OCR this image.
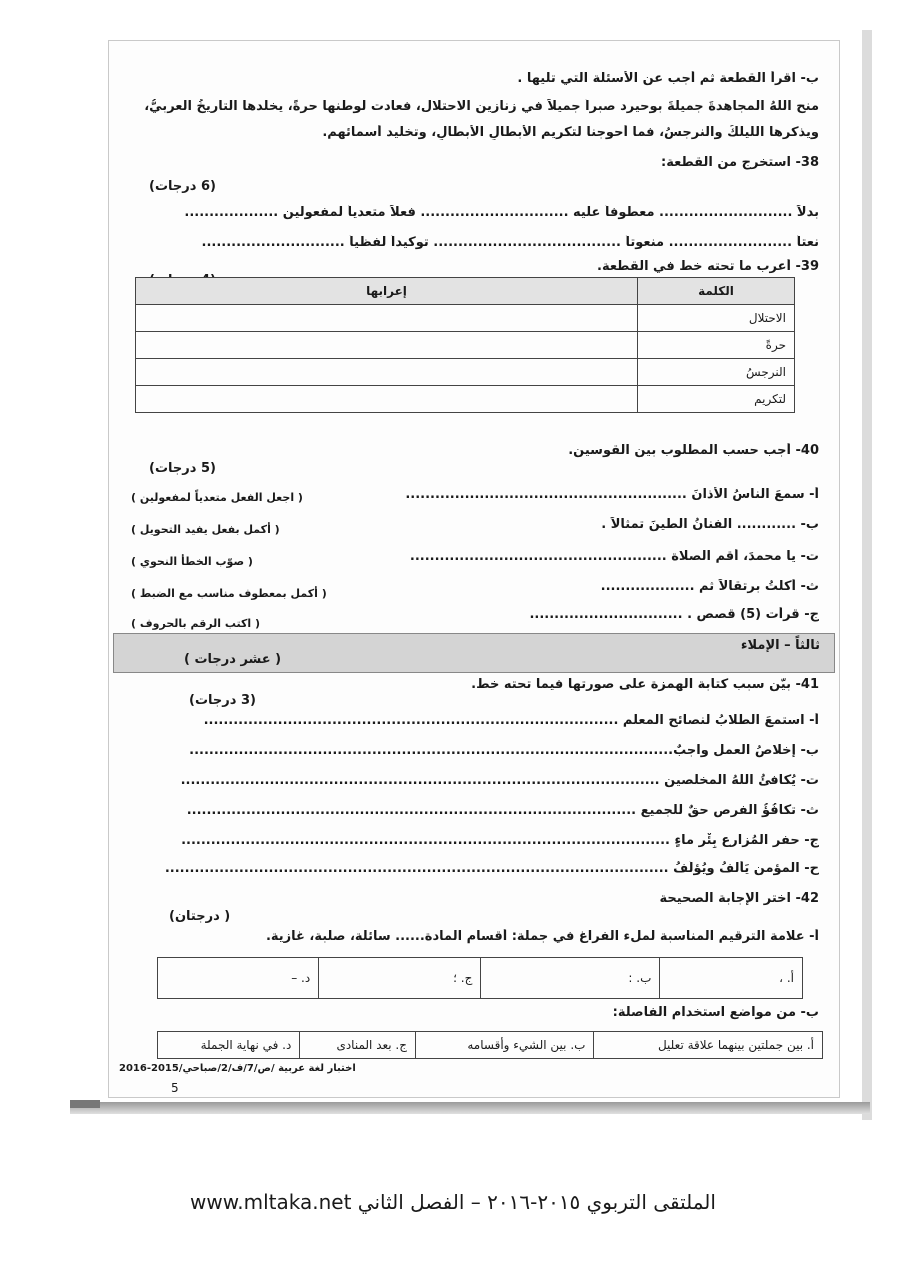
ب- اقرأ القطعة ثم أجب عن الأسئلة التي تليها .
منح اللهُ المجاهدةَ جميلةَ بوحيرد صبراً جميلاً في زنازين الاحتلال، فعادت لوطنها حرةً، يخلدها التاريخُ العربيُّ،
ويذكرها الليلكُ والنرجسُ، فما أحوجنا لتكريم الأبطالِ الأبطالِ، وتخليد أسمائهم.
38- استخرج من القطعة:
(6 درجات)
بدلاً ........................... معطوفاً عليه .............................. فعلاً متعدياً لمفعولين ...................
نعتاً ......................... منعوتاً ...................................... توكيداً لفظياً .............................
39- أعرب ما تحته خط في القطعة.
الكلمة	إعرابها
الاحتلال	
حرةً	
النرجسُ	
لتكريم	
40- أجب حسب المطلوب بين القوسين.
(5 درجات)
أ- سمعَ الناسُ الأذانَ .........................................................
( اجعل الفعل متعدياً لمفعولين )
ب- ............ الفنانُ الطينَ تمثالاً .
( أكمل بفعل يفيد التحويل )
ت- يا محمدَ، أقم الصلاة ....................................................
( صوّب الخطأ النحوي )
ث- أكلتُ برتقالاً ثم ...................
( أكمل بمعطوف مناسب مع الضبط )
ج- قرأت (5) قصص . ...............................
( اكتب الرقم بالحروف )
ثالثاً – الإملاء
( عشر درجات )
41- بيّن سبب كتابة الهمزة على صورتها فيما تحته خط.
(3 درجات)
أ- استمعَ الطلابُ لنصائح المعلم ....................................................................................
ب- إخلاصُ العمل واجبٌ..................................................................................................
ت- يُكافئُ اللهُ المخلصين .................................................................................................
ث- تكافُؤُ الفرصِ حقٌ للجميع ...........................................................................................
ج- حفر المُزارع بِئْر ماءٍ ...................................................................................................
ح- المؤمن يَألفُ ويُؤلَفُ ......................................................................................................
42- اختر الإجابة الصحيحة
( درجتان)
أ- علامة الترقيم المناسبة لملء الفراغ في جملة: أقسام المادة...... سائلة، صلبة، غازية.
أ. ،	ب. :	ج. ؛	د. –
ب- من مواضع استخدام الفاصلة:
أ. بين جملتين بينهما علاقة تعليل	ب. بين الشيء وأقسامه	ج. بعد المنادى	د. في نهاية الجملة
اختبار لغة عربية /ص/7/ف/2/صباحي/2015-2016
5
الملتقى التربوي ٢٠١٥-٢٠١٦ – الفصل الثاني www.mltaka.net
